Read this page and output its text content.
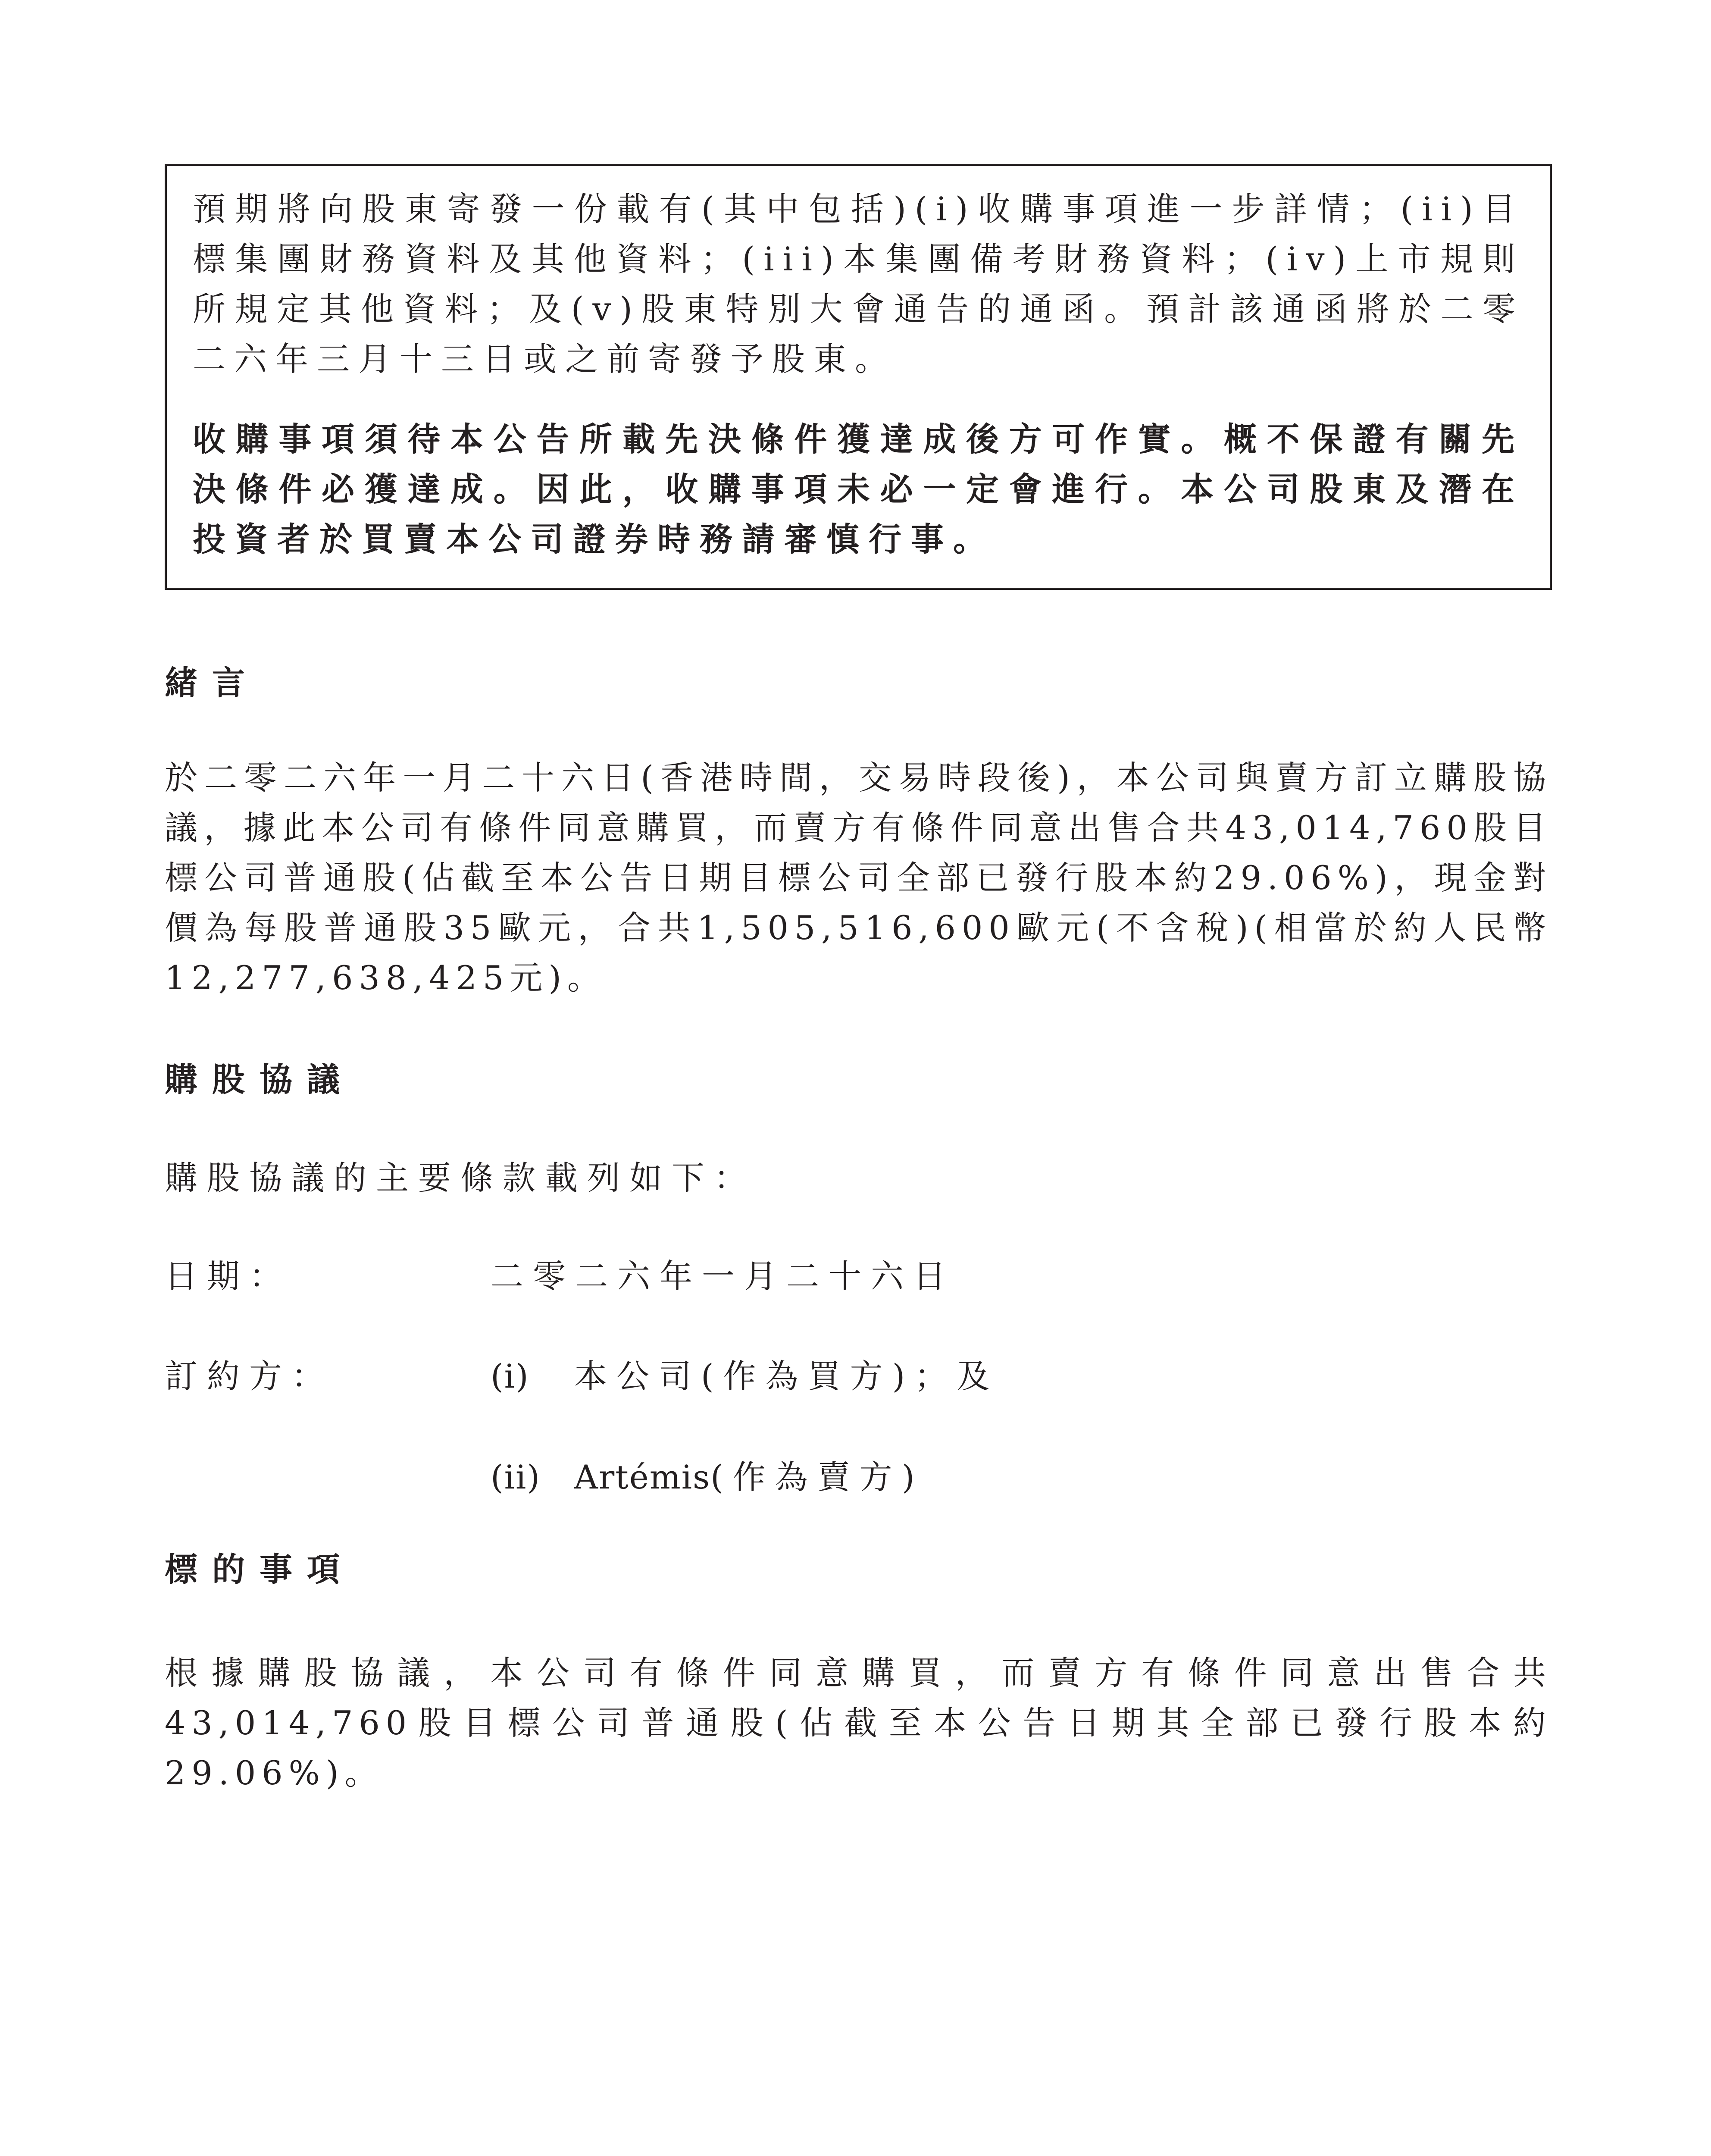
預期將向股東寄發一份載有(其中包括)(i)收購事項進一步詳情；(ii)目標集團財務資料及其他資料；(iii)本集團備考財務資料；(iv)上市規則所規定其他資料；及(v)股東特別大會通告的通函。預計該通函將於二零二六年三月十三日或之前寄發予股東。

收購事項須待本公告所載先決條件獲達成後方可作實。概不保證有關先決條件必獲達成。因此，收購事項未必一定會進行。本公司股東及潛在投資者於買賣本公司證券時務請審慎行事。

緒言

於二零二六年一月二十六日(香港時間，交易時段後)，本公司與賣方訂立購股協議，據此本公司有條件同意購買，而賣方有條件同意出售合共43,014,760股目標公司普通股(佔截至本公告日期目標公司全部已發行股本約29.06%)，現金對價為每股普通股35歐元，合共1,505,516,600歐元(不含稅)(相當於約人民幣12,277,638,425元)。

購股協議

購股協議的主要條款載列如下：

日期：	二零二六年一月二十六日
訂約方：	(i) 本公司(作為買方)；及
(ii) Artémis(作為賣方)
標的事項

根據購股協議，本公司有條件同意購買，而賣方有條件同意出售合共43,014,760股目標公司普通股(佔截至本公告日期其全部已發行股本約29.06%)。
